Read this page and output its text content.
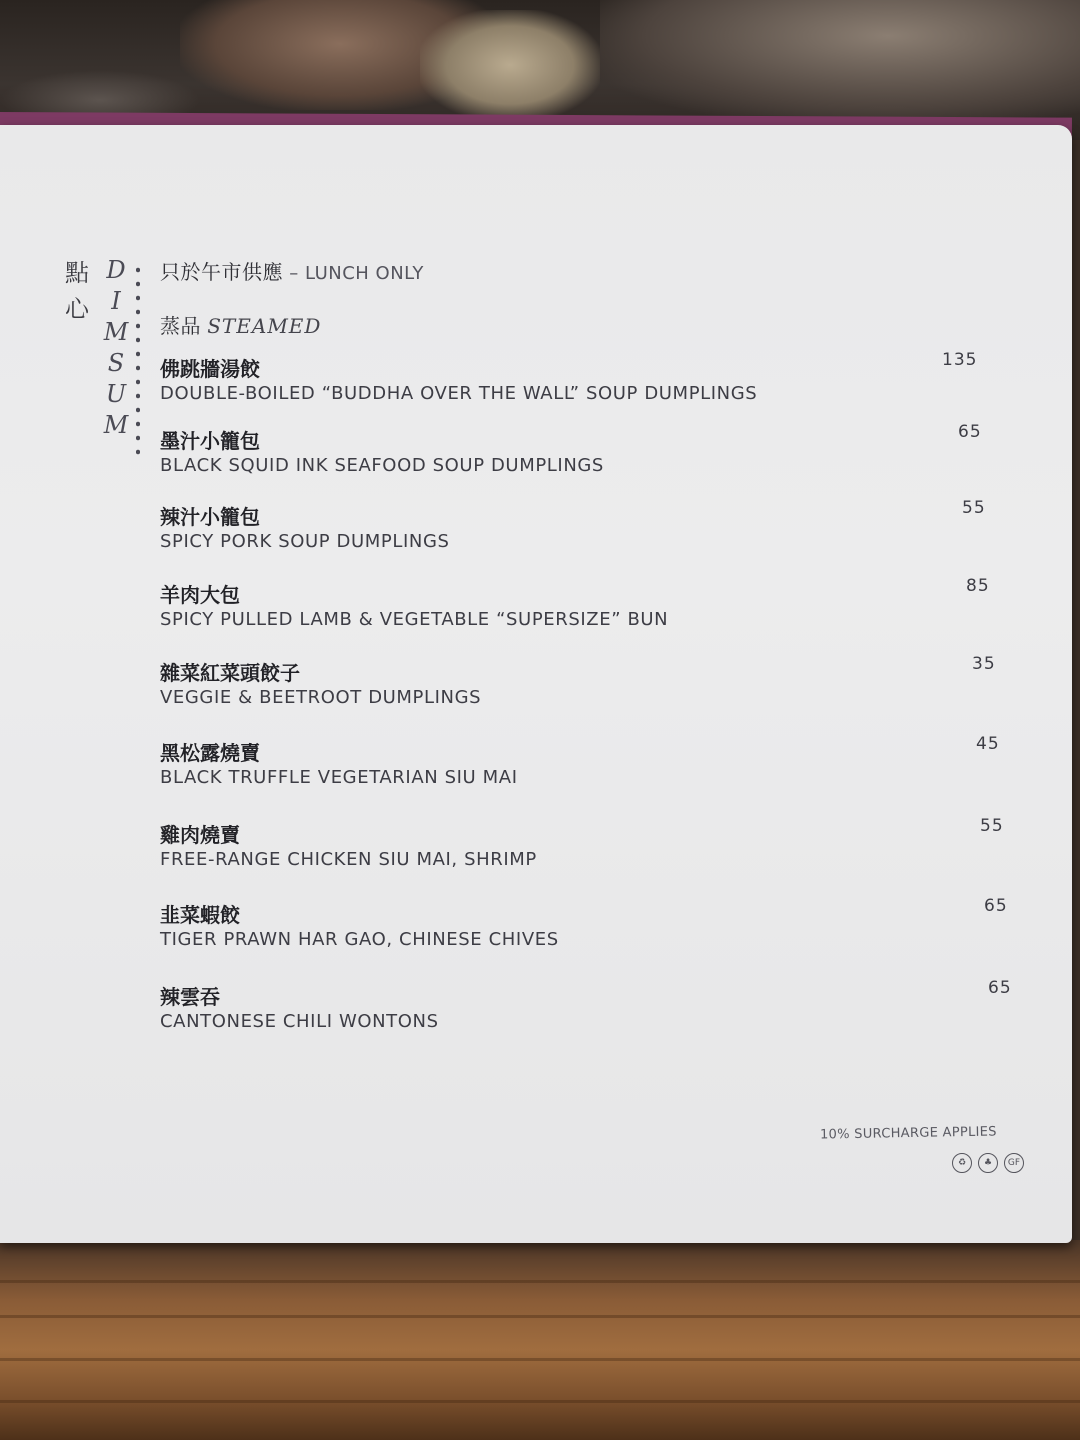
點
心
D
I
M
S
U
M
只於午市供應 – LUNCH ONLY
蒸品 STEAMED
佛跳牆湯餃
DOUBLE-BOILED “BUDDHA OVER THE WALL” SOUP DUMPLINGS
135
墨汁小籠包
BLACK SQUID INK SEAFOOD SOUP DUMPLINGS
65
辣汁小籠包
SPICY PORK SOUP DUMPLINGS
55
羊肉大包
SPICY PULLED LAMB & VEGETABLE “SUPERSIZE” BUN
85
雜菜紅菜頭餃子
VEGGIE & BEETROOT DUMPLINGS
35
黑松露燒賣
BLACK TRUFFLE VEGETARIAN SIU MAI
45
雞肉燒賣
FREE-RANGE CHICKEN SIU MAI, SHRIMP
55
韭菜蝦餃
TIGER PRAWN HAR GAO, CHINESE CHIVES
65
辣雲吞
CANTONESE CHILI WONTONS
65
10% SURCHARGE APPLIES
♻ ♣ GF
